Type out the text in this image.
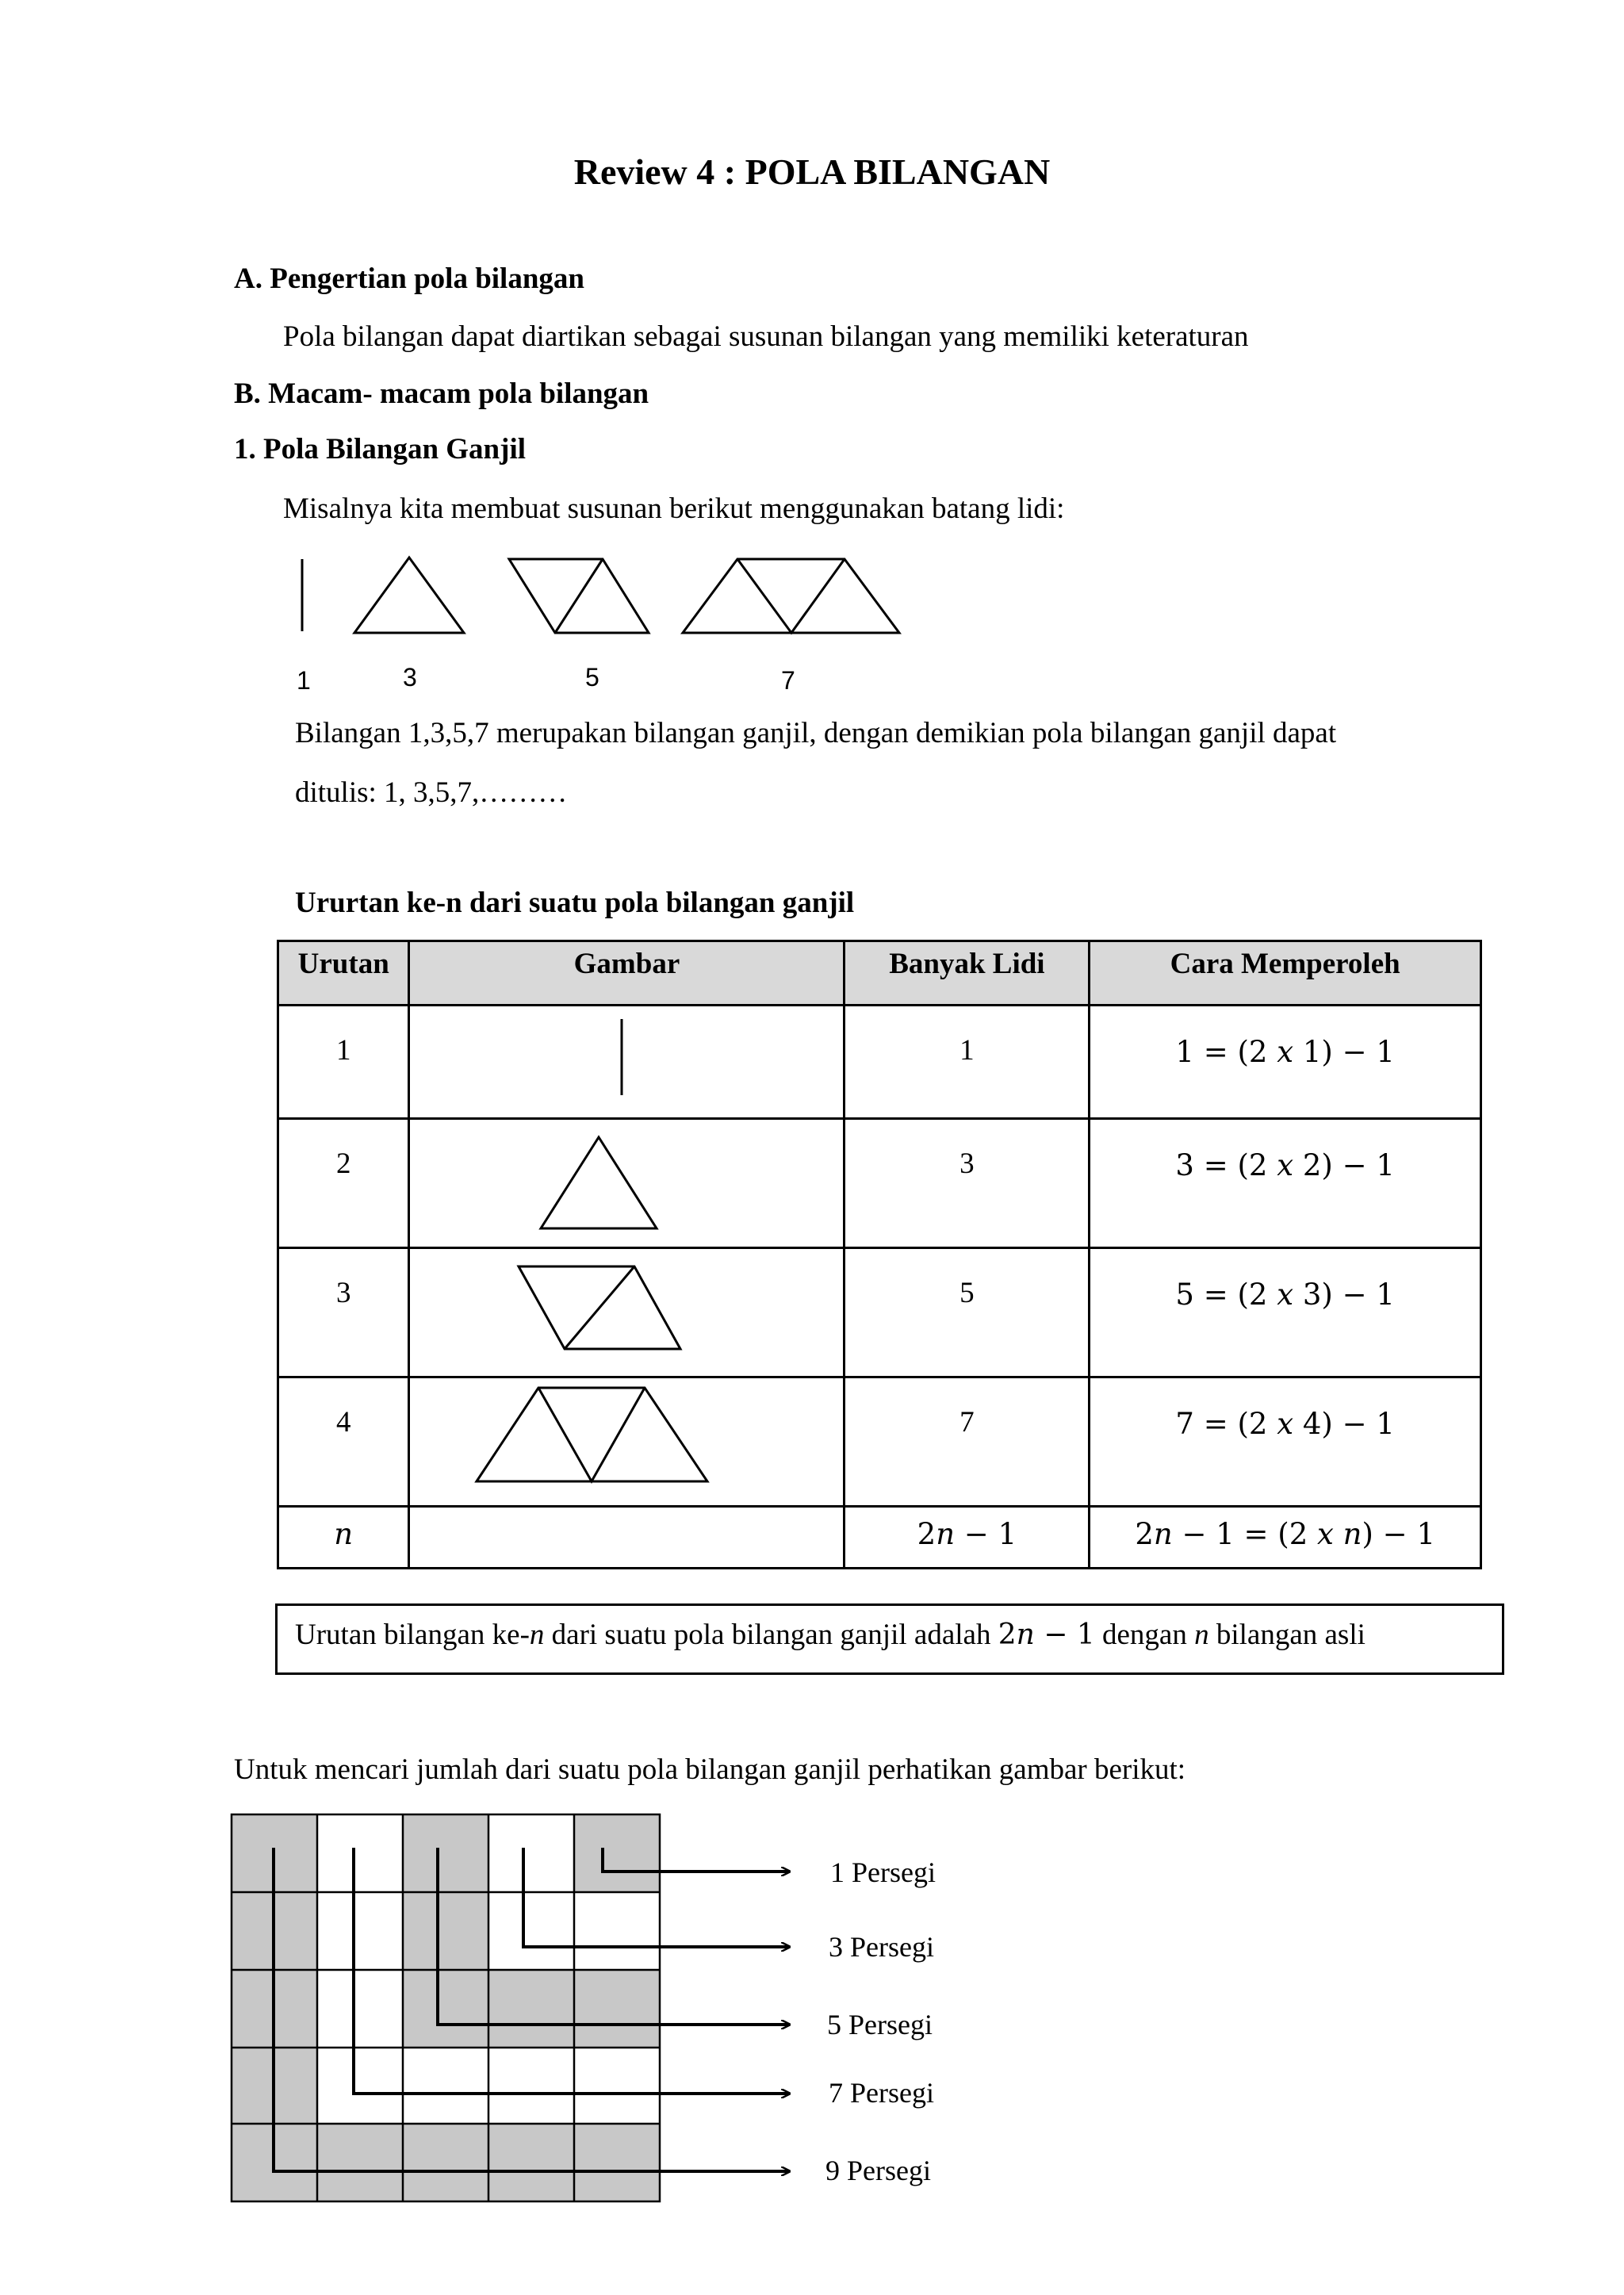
Review 4 : POLA BILANGAN
A. Pengertian pola bilangan
Pola bilangan dapat diartikan sebagai susunan bilangan yang memiliki keteraturan
B. Macam- macam pola bilangan
1. Pola Bilangan Ganjil
Misalnya kita membuat susunan berikut menggunakan batang lidi:
1	3	5	7
Bilangan 1,3,5,7 merupakan bilangan ganjil, dengan demikian pola bilangan ganjil dapat
ditulis: 1, 3,5,7,………
Ururtan ke-n dari suatu pola bilangan ganjil
Urutan	Gambar	Banyak Lidi	Cara Memperoleh
1		1	1 = (2 𝑥 1) − 1
2		3	3 = (2 𝑥 2) − 1
3		5	5 = (2 𝑥 3) − 1
4		7	7 = (2 𝑥 4) − 1
𝑛		2𝑛 − 1	2𝑛 − 1 = (2 𝑥 𝑛) − 1
Urutan bilangan ke-n dari suatu pola bilangan ganjil adalah 2𝑛 − 1 dengan n bilangan asli
Untuk mencari jumlah dari suatu pola bilangan ganjil perhatikan gambar berikut:
1 Persegi
3 Persegi
5 Persegi
7 Persegi
9 Persegi
